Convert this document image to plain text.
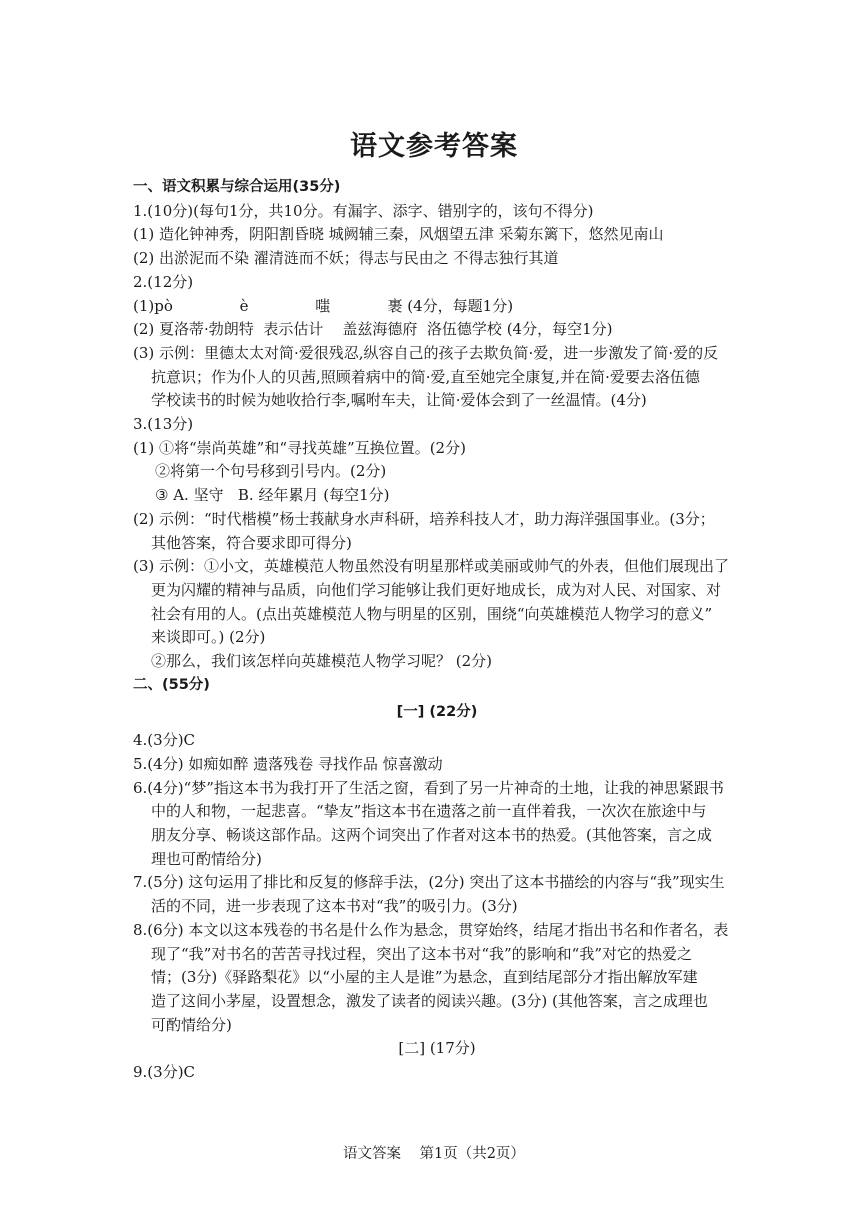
语文参考答案
一、语文积累与综合运用(35分)
1.(10分)(每句1分，共10分。有漏字、添字、错别字的，该句不得分)
(1) 造化钟神秀，阴阳割昏晓 城阙辅三秦，风烟望五津 采菊东篱下，悠然见南山
(2) 出淤泥而不染 濯清涟而不妖；得志与民由之 不得志独行其道
2.(12分)
(1)pò              è              嗤            裹 (4分，每题1分)
(2) 夏洛蒂·勃朗特  表示估计    盖兹海德府  洛伍德学校 (4分，每空1分)
(3) 示例：里德太太对简·爱很残忍,纵容自己的孩子去欺负简·爱，进一步激发了简·爱的反
抗意识；作为仆人的贝茜,照顾着病中的简·爱,直至她完全康复,并在简·爱要去洛伍德
学校读书的时候为她收拾行李,嘱咐车夫，让简·爱体会到了一丝温情。(4分)
3.(13分)
(1) ①将“崇尚英雄”和“寻找英雄”互换位置。(2分)
②将第一个句号移到引号内。(2分)
③ A. 坚守   B. 经年累月 (每空1分)
(2) 示例：“时代楷模”杨士莪献身水声科研，培养科技人才，助力海洋强国事业。(3分；
其他答案，符合要求即可得分)
(3) 示例：①小文，英雄模范人物虽然没有明星那样或美丽或帅气的外表，但他们展现出了
更为闪耀的精神与品质，向他们学习能够让我们更好地成长，成为对人民、对国家、对
社会有用的人。(点出英雄模范人物与明星的区别，围绕“向英雄模范人物学习的意义”
来谈即可。) (2分)
②那么，我们该怎样向英雄模范人物学习呢？ (2分)
二、(55分)
[一] (22分)
4.(3分)C
5.(4分) 如痴如醉 遗落残卷 寻找作品 惊喜激动
6.(4分)“梦”指这本书为我打开了生活之窗，看到了另一片神奇的土地，让我的神思紧跟书
中的人和物，一起悲喜。“挚友”指这本书在遗落之前一直伴着我，一次次在旅途中与
朋友分享、畅谈这部作品。这两个词突出了作者对这本书的热爱。(其他答案，言之成
理也可酌情给分)
7.(5分) 这句运用了排比和反复的修辞手法，(2分) 突出了这本书描绘的内容与“我”现实生
活的不同，进一步表现了这本书对“我”的吸引力。(3分)
8.(6分) 本文以这本残卷的书名是什么作为悬念，贯穿始终，结尾才指出书名和作者名，表
现了“我”对书名的苦苦寻找过程，突出了这本书对“我”的影响和“我”对它的热爱之
情；(3分)《驿路梨花》以“小屋的主人是谁”为悬念，直到结尾部分才指出解放军建
造了这间小茅屋，设置想念，激发了读者的阅读兴趣。(3分) (其他答案，言之成理也
可酌情给分)
[二] (17分)
9.(3分)C
语文答案    第1页（共2页）
